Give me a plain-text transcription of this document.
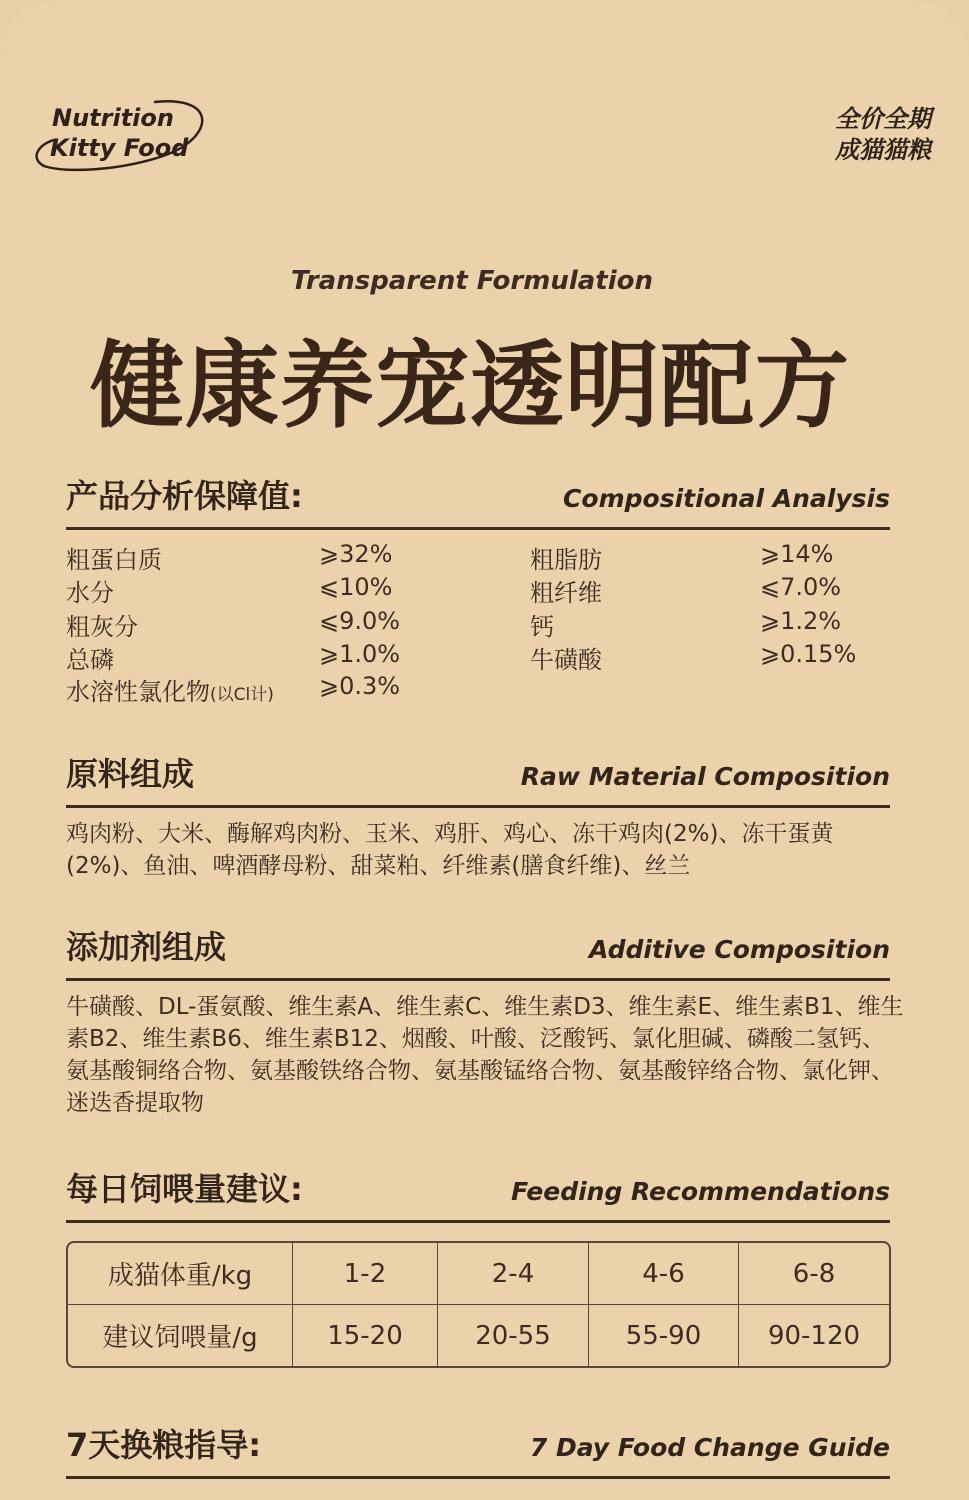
Nutrition
Kitty Food
全价全期
成猫猫粮
Transparent Formulation
健康养宠透明配方
产品分析保障值:	Compositional Analysis
粗蛋白质	⩾32%	粗脂肪	⩾14%
水分	⩽10%	粗纤维	⩽7.0%
粗灰分	⩽9.0%	钙	⩾1.2%
总磷	⩾1.0%	牛磺酸	⩾0.15%
水溶性氯化物(以Cl计) ⩾0.3%
原料组成	Raw Material Composition
鸡肉粉、大米、酶解鸡肉粉、玉米、鸡肝、鸡心、冻干鸡肉(2%)、冻干蛋黄(2%)、鱼油、啤酒酵母粉、甜菜粕、纤维素(膳食纤维)、丝兰
添加剂组成	Additive Composition
牛磺酸、DL-蛋氨酸、维生素A、维生素C、维生素D3、维生素E、维生素B1、维生素B2、维生素B6、维生素B12、烟酸、叶酸、泛酸钙、氯化胆碱、磷酸二氢钙、氨基酸铜络合物、氨基酸铁络合物、氨基酸锰络合物、氨基酸锌络合物、氯化钾、迷迭香提取物
每日饲喂量建议:	Feeding Recommendations
成猫体重/kg	1-2	2-4	4-6	6-8
建议饲喂量/g	15-20	20-55	55-90	90-120
7天换粮指导:	7 Day Food Change Guide
